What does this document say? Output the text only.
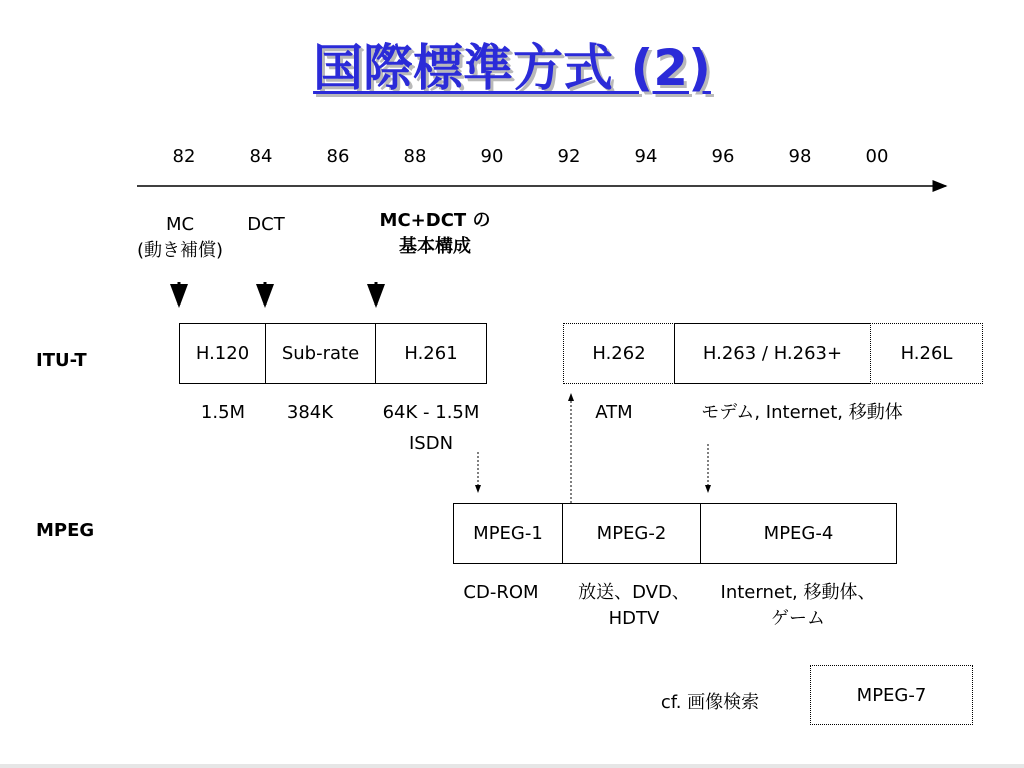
国際標準方式 (2)
82	84	86	88	90	92	94	96	98	00
MC
(動き補償)
DCT	MC+DCT の
基本構成
ITU-T	H.120	Sub-rate	H.261	H.262	H.263 / H.263+	H.26L
1.5M	384K	64K - 1.5M
ISDN
ATM	モデム, Internet, 移動体
MPEG	MPEG-1	MPEG-2	MPEG-4
CD-ROM	放送、DVD、
HDTV
Internet, 移動体、
ゲーム
MPEG-7
cf. 画像検索
